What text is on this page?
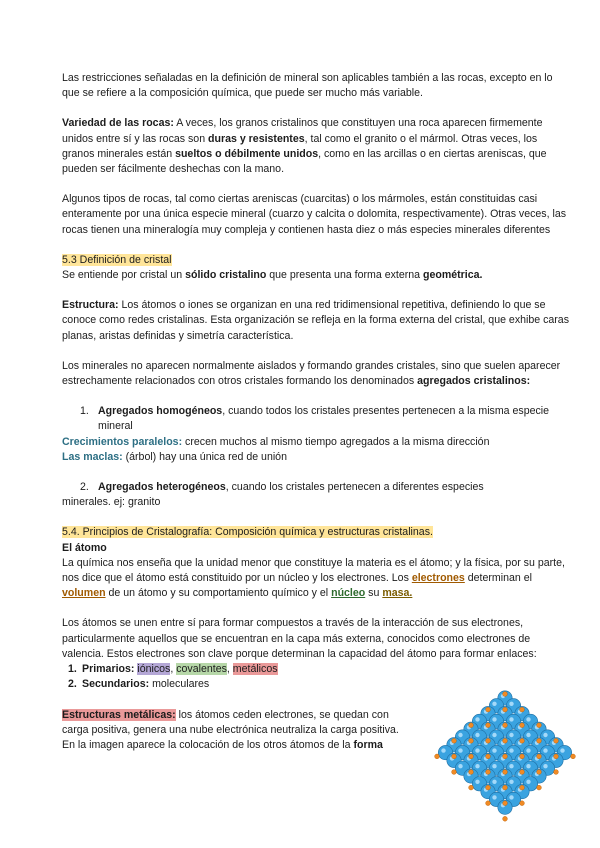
Las restricciones señaladas en la definición de mineral son aplicables también a las rocas, excepto en lo que se refiere a la composición química, que puede ser mucho más variable.

Variedad de las rocas: A veces, los granos cristalinos que constituyen una roca aparecen firmemente unidos entre sí y las rocas son duras y resistentes, tal como el granito o el mármol. Otras veces, los granos minerales están sueltos o débilmente unidos, como en las arcillas o en ciertas areniscas, que pueden ser fácilmente deshechas con la mano.

Algunos tipos de rocas, tal como ciertas areniscas (cuarcitas) o los mármoles, están constituidas casi enteramente por una única especie mineral (cuarzo y calcita o dolomita, respectivamente). Otras veces, las rocas tienen una mineralogía muy compleja y contienen hasta diez o más especies minerales diferentes

5.3 Definición de cristal

Se entiende por cristal un sólido cristalino que presenta una forma externa geométrica.

Estructura: Los átomos o iones se organizan en una red tridimensional repetitiva, definiendo lo que se conoce como redes cristalinas. Esta organización se refleja en la forma externa del cristal, que exhibe caras planas, aristas definidas y simetría característica.

Los minerales no aparecen normalmente aislados y formando grandes cristales, sino que suelen aparecer estrechamente relacionados con otros cristales formando los denominados agregados cristalinos:

1. Agregados homogéneos, cuando todos los cristales presentes pertenecen a la misma especie mineral

Crecimientos paralelos: crecen muchos al mismo tiempo agregados a la misma dirección

Las maclas: (árbol) hay una única red de unión

2. Agregados heterogéneos, cuando los cristales pertenecen a diferentes especies

minerales. ej: granito

5.4. Principios de Cristalografía: Composición química y estructuras cristalinas.

El átomo

La química nos enseña que la unidad menor que constituye la materia es el átomo; y la física, por su parte, nos dice que el átomo está constituido por un núcleo y los electrones. Los electrones determinan el volumen de un átomo y su comportamiento químico y el núcleo su masa.

Los átomos se unen entre sí para formar compuestos a través de la interacción de sus electrones, particularmente aquellos que se encuentran en la capa más externa, conocidos como electrones de valencia. Estos electrones son clave porque determinan la capacidad del átomo para formar enlaces:

1. Primarios: iónicos, covalentes, metálicos

2. Secundarios: moleculares

Estructuras metálicas: los átomos ceden electrones, se quedan con carga positiva, genera una nube electrónica neutraliza la carga positiva. En la imagen aparece la colocación de los otros átomos de la forma
